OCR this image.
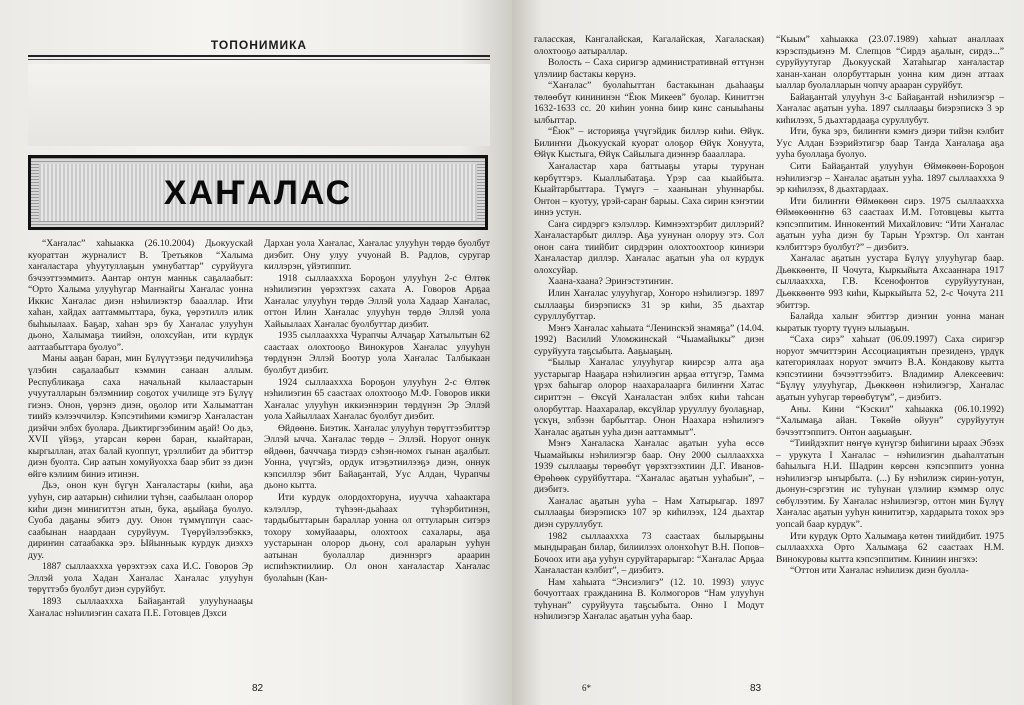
ТОПОНИМИКА
ХАҤАЛАС

“Хаҥалас” хаһыакка (26.10.2004) Дьокуускай куораттан журналист В. Третьяков “Халыма хаҥаластара уһуутуллаҕын умнубаттар” суруйууга бэчээттээммитэ. Аантар онтун манньк саҕалаабыт: “Орто Халыма улууһугар Маҥнайгы Хаҥалас уонна Иккис Хаҥалас диэн нэһилиэктэр баааллар. Ити хаһан, хайдах ааттаммыттара, бука, үөрэтиллэ илик быһыылаах. Баҕар, хаһан эрэ бу Хаҥалас улууһун дьоно, Халымаҕа тиийэн, олохсуйан, ити күрдүк ааттаабыттара буолуо”.

Маны ааҕан баран, мин Бүлүүтээҕи педучилиһэҕа үлэбин саҕалаабыт кэммин санаан аллым. Республикаҕа саха начальнай кылаастарын учууталларын бэлэмниир соҕотох училище этэ Бүлүү гиэнэ. Онон, үөрэнэ диэн, оҕолор ити Халыматтан тиийэ кэлээччилэр. Кэпсэтиһими кэмигэр Хаҥаластан диэйчи элбэх буолара. Дьиктиргээбиним аҕай! Оо дьэ, XVII үйэҕэ, утарсан көрөн баран, кыайтаран, кыргыллан, атах балай куоппут, үрэллибит да эбиттэр диэн буолта. Сир аатын хомуйуохха баар эбит эз диэн өйгө кэлиим биниэ итинэн.

Дьэ, онон кун бүгүн Хаҥаластары (киһи, аҕа ууһун, сир аатарын) сиһилии түһэн, саабылаан олорор киһи диэн минигиттэн атын, бука, аҕыйаҕа буолуо. Суоба даҕаны эбитэ дуу. Онон түммүппүн саас-саабынан наардаан суруйуум. Түөрүйэлээбэккэ, дириҥин сатаабакка эрэ. Ыйынньык курдук диэххэ дуу.

1887 сыллааххха үөрэхтээх саха И.С. Говоров Эр Эллэй уола Хадан Хаҥалас Хаҥалас улууһун төрүттэбэ буолбут диэн суруйбут.

1893 сыллааххха Байаҕантай улууһунааҕы Хаҥалас нэһилиэгин сахата П.Е. Готовцев Дэхси

Дархан уола Хаҥалас, Хаҥалас улууһун төрдө буолбут диэбит. Ону улуу учуонай В. Радлов, суругар киллэрэн, үйэтиппит.

1918 сыллааххха Бороҕон улууһун 2-с Өлтөк нэһилиэгин үөрэхтээх сахата А. Говоров Арҕаа Хаҥалас улууһун төрдө Эллэй уола Хадаар Хаҥалас, оттон Илин Хаҥалас улууһун төрдө Эллэй уола Хайыылаах Хаҥалас буолбуттар диэбит.

1935 сыллааххха Чурапчы Алчаҕар Хатылытын 62 саастаах олохтооҕо Винокуров Хаҥалас улууһун төрдүнэн Эллэй Боотур уола Хаҥалас Талбыкаан буолбут диэбит.

1924 сыллааххха Бороҕон улууһун 2-с Өлтөк нэһилиэгин 65 саастаах олохтооҕо М.Ф. Говоров икки Хаҥалас улууһун иккиэннэрин төрдүнэн Эр Эллэй уола Хайыллаах Хаҥалас буолбут диэбит.

Өйдөөнө. Биэтик. Хаҥалас улууһун төрүттээбиттэр Эллэй ычча. Хаҥалас төрдө – Эллэй. Норуот оннук өйдөөн, бачччаҕа тиэрдэ сэһэн-номох гынан аҕалбыт. Уонна, үчүгэйэ, ордук итэҕэтиилээҕэ диэн, оннук кэпсиллэр эбит Байаҕантай, Уус Алдан, Чурапчы дьоно кытта.

Ити курдук олордохторуна, иуучча хаһаактара кэлэллэр, түһээн-дьаһаах түһэрбитинэн, тардыбыттарын бараллар уонна ол оттуларын ситэрэ тохору хомуйааары, олохтоох сахалары, аҕа уустарынан олорор дьону, сол араларын ууһун аатынан буолаллар диэннэргэ араарин испиһэктиилиир. Ол онон хаҥаластар Хаҥалас буолаһын (Кан-

82

галасская, Кангалайская, Кагалайская, Хагалаская) олохтооҕо аатыраллар.

Волость – Саха сиригэр административнай өттүнэн үлэлиир бастакы көрүнэ.

“Хаҥалас” буолаһыттан бастакынан дьаһааҕы төлөөбүт кинининэн “Ёюк Микеев” буолар. Киниттэн 1632-1633 сс. 20 киһин уонна биир кинс саныыһаны ылбыттар.

“Ёюк” – историяҕа үчүгэйдик биллэр киһи. Өйүк. Билиҥҥи Дьокуускай куорат олоҕор Өйүк Хонуута, Өйүк Кыстыга, Өйүк Сайылыга диэннэр баааллара.

Хаҥаластар хара баттыаҕы утары турунан көрбүттэрэ. Кыаллыбатаҕа. Үрэр саа кыайбыта. Кыайтарбыттара. Түмүгэ – хаанынан уһуннарбы. Онтон – куотуу, үрэй-сараҥ барыы. Саха сирин кэҥэтии иннэ устун.

Саҥа сирдэргэ кэлэллэр. Кимнээхтэрбит диллэрий? Хаҥаластарбыт диллэр. Аҕа уунунан олоруу этэ. Сол онон саҥа тиийбит сирдэрин олохтоохтоор киниэри Хаҥаластар диллэр. Хаҥалас аҕатын уһа ол курдук олохсуйар.

Хаана-хаана? Эриҥэстэтиҥиҥ.

Илин Хаҥалас улууһугар, Хоҥоро нэһилиэгэр. 1897 сыллааҕы биэрэпискэ 31 эр киһи, 35 дьахтар суруллубуттар.

Мэҥэ Хаҥалас хаһыата “Ленинскэй знамяҕа” (14.04. 1992) Василий Уломжинскай “Чыамайыкы” диэн суруйуута таҕсыбыта. Ааҕыаҕың.

“Былыр Хаҥалас улууһугар киирсэр алта аҕа уустарыгар Нааҕара нэһилиэгин арҕаа өттүгэр, Тамма үрэх баһыгар олорор наахаралаарга билиҥҥи Хатас сириттэн – Өксүй Хаҥаластан элбэх киһи таһсан олорбуттар. Наахаралар, өксүйлар урууллуу буолаҕнар, үскүн, элбээн барбыттар. Онон Наахара нэһилиэгэ Хаҥалас аҕатын ууһа диэн ааттаммыт”.

Мэҥэ Хаҥаласка Хаҥалас аҕатын ууһа өссө Чыамайыкы нэһилиэгэр баар. Ону 2000 сыллааххха 1939 сыллааҕы төрөөбүт үөрэхтээхтиин Д.Г. Иванов-Өрөһөөк суруйбуттара. “Хаҥалас аҕатын ууһабын”, – диэбитэ.

Хаҥалас аҕатын ууһа – Нам Хатырыгар. 1897 сыллааҕы биэрэпискэ 107 эр киһилээх, 124 дьахтар диэн суруллубут.

1982 сыллааххха 73 саастаах былырҕыны мындыраҕан билар, билиилээх олонхоҺут В.Н. Попов–Бочоох ити аҕа ууһун суруйтарарыгар: “Хаҥалас Арҕаа Хаҥаластан кэлбит”, – диэбитэ.

Нам хаһыата “Энсиэлигэ” (12. 10. 1993) улуус бочуоттаах гражданина В. Колмогоров “Нам улууһун туһунан” суруйуута таҕсыбыта. Онно I Модут нэһилиэгэр Хаҥалас аҕатын ууһа баар.

“Кыым” хаһыакка (23.07.1989) хаһыат аналлаах кэрэспэдьиэнэ М. Слепцов “Сирдэ аҕалыҥ, сирдэ...” суруйуутугар Дьокуускай Хатаһыгар хаҥаластар ханан-ханан олорбуттарын уонна ким диэн аттаах ыаллар буолалларын чопчу арааран суруйбут.

Байаҕантай улууһун 3-с Байаҕантай нэһилиэгэр – Хаҥалас аҕатын ууһа. 1897 сыллааҕы биэрэпискэ 3 эр киһилээх, 5 дьахтардааҕа суруллубут.

Ити, бука эрэ, билиҥҥи кэмҥэ диэри тийэн кэлбит Уус Алдан Бээрийэтигэр баар Таҥда Хаҥалаҕа аҕа ууһа буоллаҕа буолуо.

Сити Байаҕантай улууһун Өймөкөөн-Бороҕон нэһилиэгэр – Хаҥалас аҕатын ууһа. 1897 сыллааххха 9 эр киһилээх, 8 дьахтардаах.

Ити билиҥҥи Өймөкөөн сирэ. 1975 сыллааххха Өймөкөөнҥнө 63 саастаах И.М. Готовцевы кытта кэпсэппитим. Иннокентий Михайлович: “Ити Хаҥалас аҕатын ууһа диэн бу Тарын Үрэхтэр. Ол хантан кэлбиттэрэ буолбут?” – диэбитэ.

Хаҥалас аҕатын уустара Бүлүү улууһугар баар. Дьөккөөнтө, II Чочута, Кыркыйыта Ахсааннара 1917 сыллааххха, Г.В. Ксенофонтов суруйуутунан, Дьөккөөнтө 993 киһи, Кыркыйыта 52, 2-с Чочута 211 эбиттэр.

Балайда халыҥ эбиттэр диэҥин уонна манан кыратык туорту түүнэ ылыаҕын.

“Саха сирэ” хаһыат (06.09.1997) Саха сиригэр норуот эмчиттэрин Ассоциациятын президенэ, үрдүк категориялаах норуот эмчитэ В.А. Кондакову кытта кэпсэтиини бэчээттээбитэ. Владимир Алексеевич: “Бүлүү улууһугар, Дьөккөөн нэһилиэгэр, Хаҥалас аҕатын ууһугар төрөөбүтүм”, – диэбитэ.

Аны. Кини “Кэскил” хаһыакка (06.10.1992) “Халымаҕа айан. Төкөйө ойуун” суруйуутун бэчээттэппитэ. Онтон ааҕыаҕыҥ.

“Тиийдэхпит нөҥүө күнүгэр биһигини ыраах Эбээх – урукута I Хаҥалас – нэһилиэгин дьаһалтатын баһылыга Н.И. Шадрин көрсөн кэпсэппитэ уонна нэһилиэгэр ыҥырбыта. (...) Бу нэһилиэк сирин-уотун, дьонун-сэргэтин ис туһунан үлэлиир кэммэр олус сөбүлээтим. Бу Хаҥалас нэһилиэгэр, оттон мин Бүлүү Хаҥалас аҕатын ууһун кинититэр, хардарыта тохох эрэ уопсай баар курдук”.

Ити курдук Орто Халымаҕа көтөн тиийдибит. 1975 сыллааххха Орто Халымаҕа 62 саастаах Н.М. Винокуровы кытта кэпсэппитим. Киниин ингэхэ:

“Оттон ити Хаҥалас нэһилиэк диэн буолла-

6*	83
